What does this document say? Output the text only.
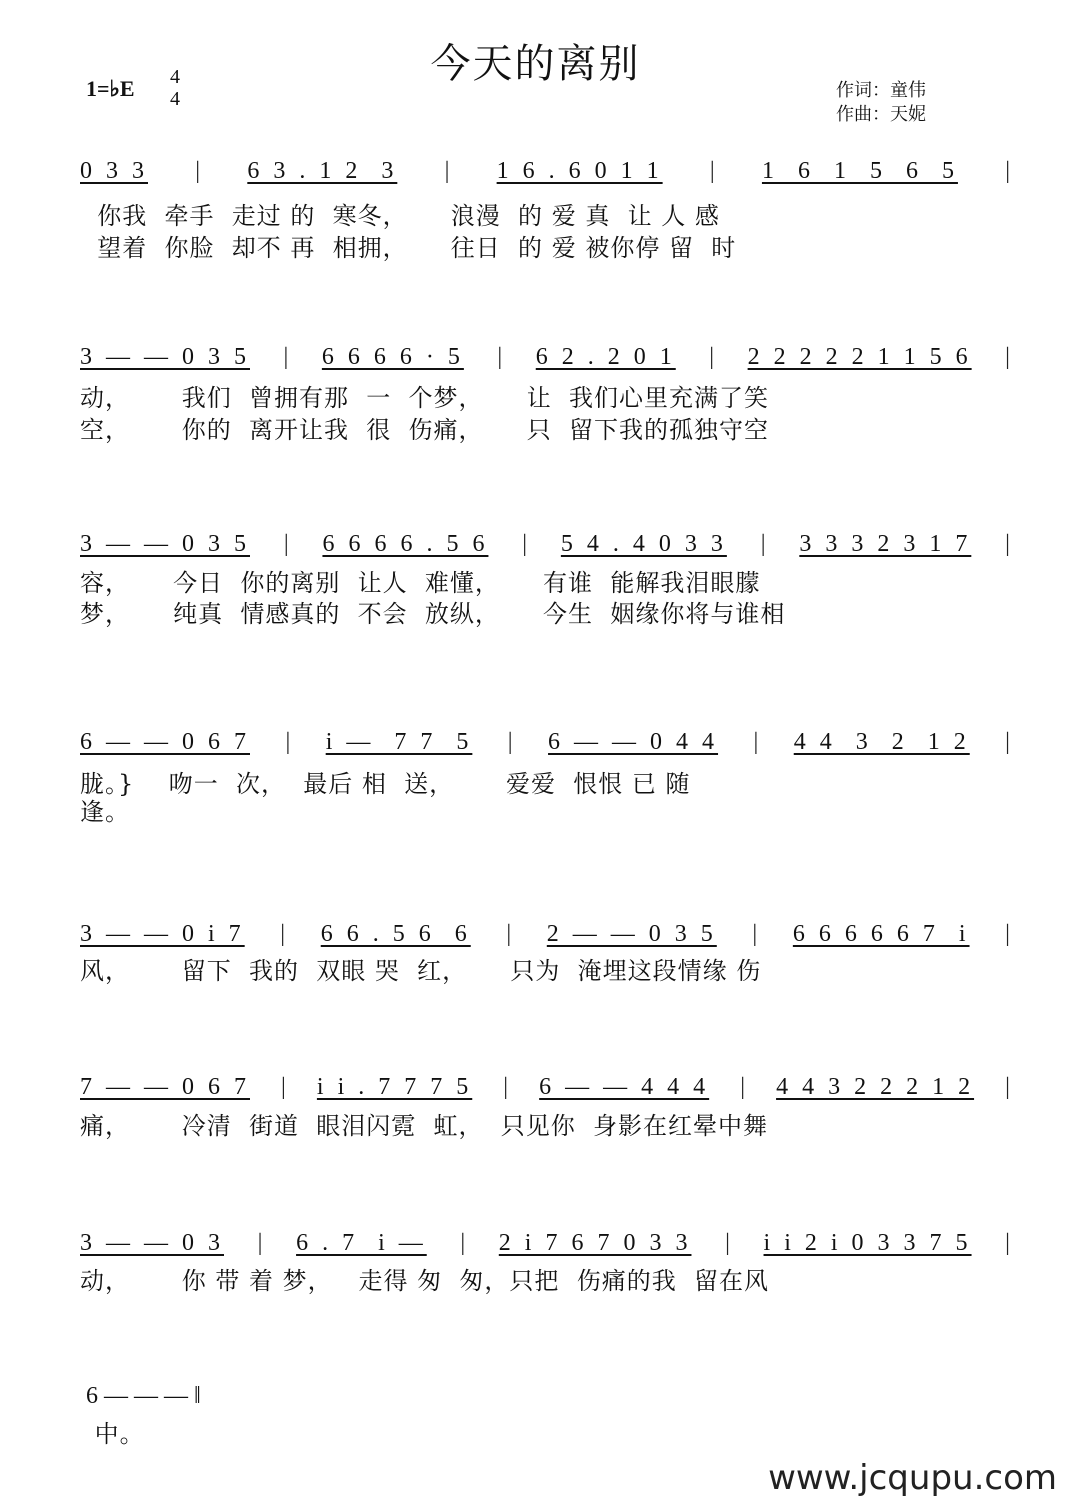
今天的离别
1=♭E 4
4	作词：童伟
作曲：天妮
0 3 3 | 6 3 . 1 2  3 | 1 6 . 6 0 1 1 | 1  6  1  5  6  5 |
你我  牵手  走过 的  寒冬，     浪漫  的 爱 真  让 人 感
望着  你脸  却不 再  相拥，     往日  的 爱 被你停 留  时
3 — — 0 3 5 | 6 6 6 6 · 5 | 6 2 . 2 0 1 | 2 2 2 2 2 1 1 5 6 |
动，      我们  曾拥有那  一  个梦，     让  我们心里充满了笑
空，      你的  离开让我  很  伤痛，     只  留下我的孤独守空
3 — — 0 3 5 | 6 6 6 6 . 5 6 | 5 4 . 4 0 3 3 | 3 3 3 2 3 1 7 |
容，     今日  你的离别  让人  难懂，     有谁  能解我泪眼朦
梦，     纯真  情感真的  不会  放纵，     今生  姻缘你将与谁相
6 — — 0 6 7 | i —  7 7  5 | 6 — — 0 4 4 | 4 4  3  2  1 2 |
胧。}    吻一  次，  最后 相  送，      爱爱  恨恨 已 随
逢。
3 — — 0 i 7 | 6 6 . 5 6  6 | 2 — — 0 3 5 | 6 6 6 6 6 7  i |
风，      留下  我的  双眼 哭  红，     只为  淹埋这段情缘 伤
7 — — 0 6 7 | i i . 7 7 7 5 | 6 — — 4 4 4 | 4 4 3 2 2 2 1 2 |
痛，      冷清  街道  眼泪闪霓  虹，  只见你  身影在红晕中舞
3 — — 0 3 | 6 . 7  i — | 2 i 7 6 7 0 3 3 | i i 2 i 0 3 3 7 5 |
动，      你 带 着 梦，   走得 匆  匆，只把  伤痛的我  留在风
6 — — — ‖
中。
www.jcqupu.com
